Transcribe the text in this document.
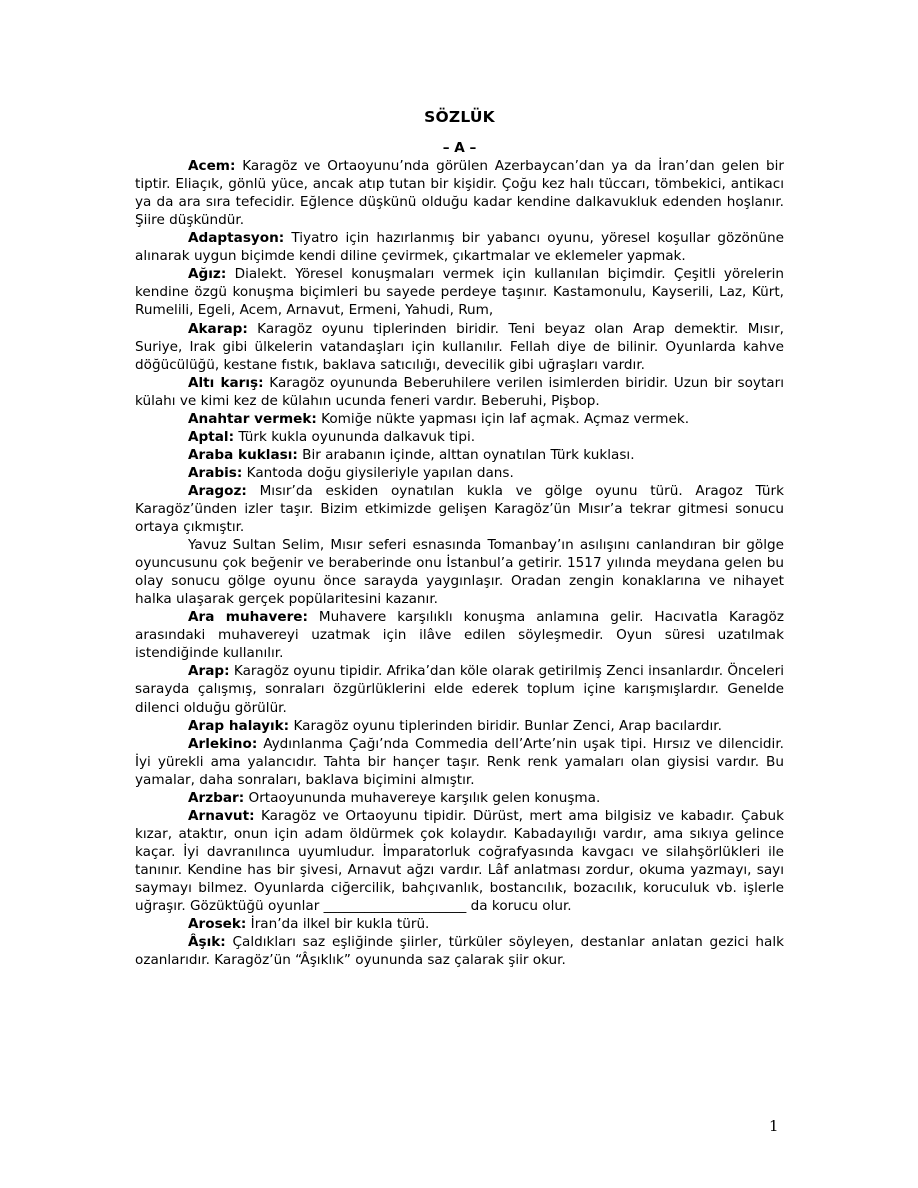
SÖZLÜK

– A –

Acem: Karagöz ve Ortaoyunu’nda görülen Azerbaycan’dan ya da İran’dan gelen bir tiptir. Eliaçık, gönlü yüce, ancak atıp tutan bir kişidir. Çoğu kez halı tüccarı, tömbekici, antikacı ya da ara sıra tefecidir. Eğlence düşkünü olduğu kadar kendine dalkavukluk edenden hoşlanır. Şiire düşkündür.

Adaptasyon: Tiyatro için hazırlanmış bir yabancı oyunu, yöresel koşullar gözönüne alınarak uygun biçimde kendi diline çevirmek, çıkartmalar ve eklemeler yapmak.

Ağız: Dialekt. Yöresel konuşmaları vermek için kullanılan biçimdir. Çeşitli yörelerin kendine özgü konuşma biçimleri bu sayede perdeye taşınır. Kastamonulu, Kayserili, Laz, Kürt, Rumelili, Egeli, Acem, Arnavut, Ermeni, Yahudi, Rum,

Akarap: Karagöz oyunu tiplerinden biridir. Teni beyaz olan Arap demektir. Mısır, Suriye, Irak gibi ülkelerin vatandaşları için kullanılır. Fellah diye de bilinir. Oyunlarda kahve döğücülüğü, kestane fıstık, baklava satıcılığı, devecilik gibi uğraşları vardır.

Altı karış: Karagöz oyununda Beberuhilere verilen isimlerden biridir. Uzun bir soytarı külahı ve kimi kez de külahın ucunda feneri vardır. Beberuhi, Pişbop.

Anahtar vermek: Komiğe nükte yapması için laf açmak. Açmaz vermek.

Aptal: Türk kukla oyununda dalkavuk tipi.

Araba kuklası: Bir arabanın içinde, alttan oynatılan Türk kuklası.

Arabis: Kantoda doğu giysileriyle yapılan dans.

Aragoz: Mısır’da eskiden oynatılan kukla ve gölge oyunu türü. Aragoz Türk Karagöz’ünden izler taşır. Bizim etkimizde gelişen Karagöz’ün Mısır’a tekrar gitmesi sonucu ortaya çıkmıştır.

Yavuz Sultan Selim, Mısır seferi esnasında Tomanbay’ın asılışını canlandıran bir gölge oyuncusunu çok beğenir ve beraberinde onu İstanbul’a getirir. 1517 yılında meydana gelen bu olay sonucu gölge oyunu önce sarayda yaygınlaşır. Oradan zengin konaklarına ve nihayet halka ulaşarak gerçek popülaritesini kazanır.

Ara muhavere: Muhavere karşılıklı konuşma anlamına gelir. Hacıvatla Karagöz arasındaki muhavereyi uzatmak için ilâve edilen söyleşmedir. Oyun süresi uzatılmak istendiğinde kullanılır.

Arap: Karagöz oyunu tipidir. Afrika’dan köle olarak getirilmiş Zenci insanlardır. Önceleri sarayda çalışmış, sonraları özgürlüklerini elde ederek toplum içine karışmışlardır. Genelde dilenci olduğu görülür.

Arap halayık: Karagöz oyunu tiplerinden biridir. Bunlar Zenci, Arap bacılardır.

Arlekino: Aydınlanma Çağı’nda Commedia dell’Arte’nin uşak tipi. Hırsız ve dilencidir. İyi yürekli ama yalancıdır. Tahta bir hançer taşır. Renk renk yamaları olan giysisi vardır. Bu yamalar, daha sonraları, baklava biçimini almıştır.

Arzbar: Ortaoyununda muhavereye karşılık gelen konuşma.

Arnavut: Karagöz ve Ortaoyunu tipidir. Dürüst, mert ama bilgisiz ve kabadır. Çabuk kızar, ataktır, onun için adam öldürmek çok kolaydır. Kabadayılığı vardır, ama sıkıya gelince kaçar. İyi davranılınca uyumludur. İmparatorluk coğrafyasında kavgacı ve silahşörlükleri ile tanınır. Kendine has bir şivesi, Arnavut ağzı vardır. Lâf anlatması zordur, okuma yazmayı, sayı saymayı bilmez. Oyunlarda ciğercilik, bahçıvanlık, bostancılık, bozacılık, koruculuk vb. işlerle uğraşır. Gözüktüğü oyunlar _____________________ da korucu olur.

Arosek: İran’da ilkel bir kukla türü.

Âşık: Çaldıkları saz eşliğinde şiirler, türküler söyleyen, destanlar anlatan gezici halk ozanlarıdır. Karagöz’ün “Âşıklık” oyununda saz çalarak şiir okur.

1
